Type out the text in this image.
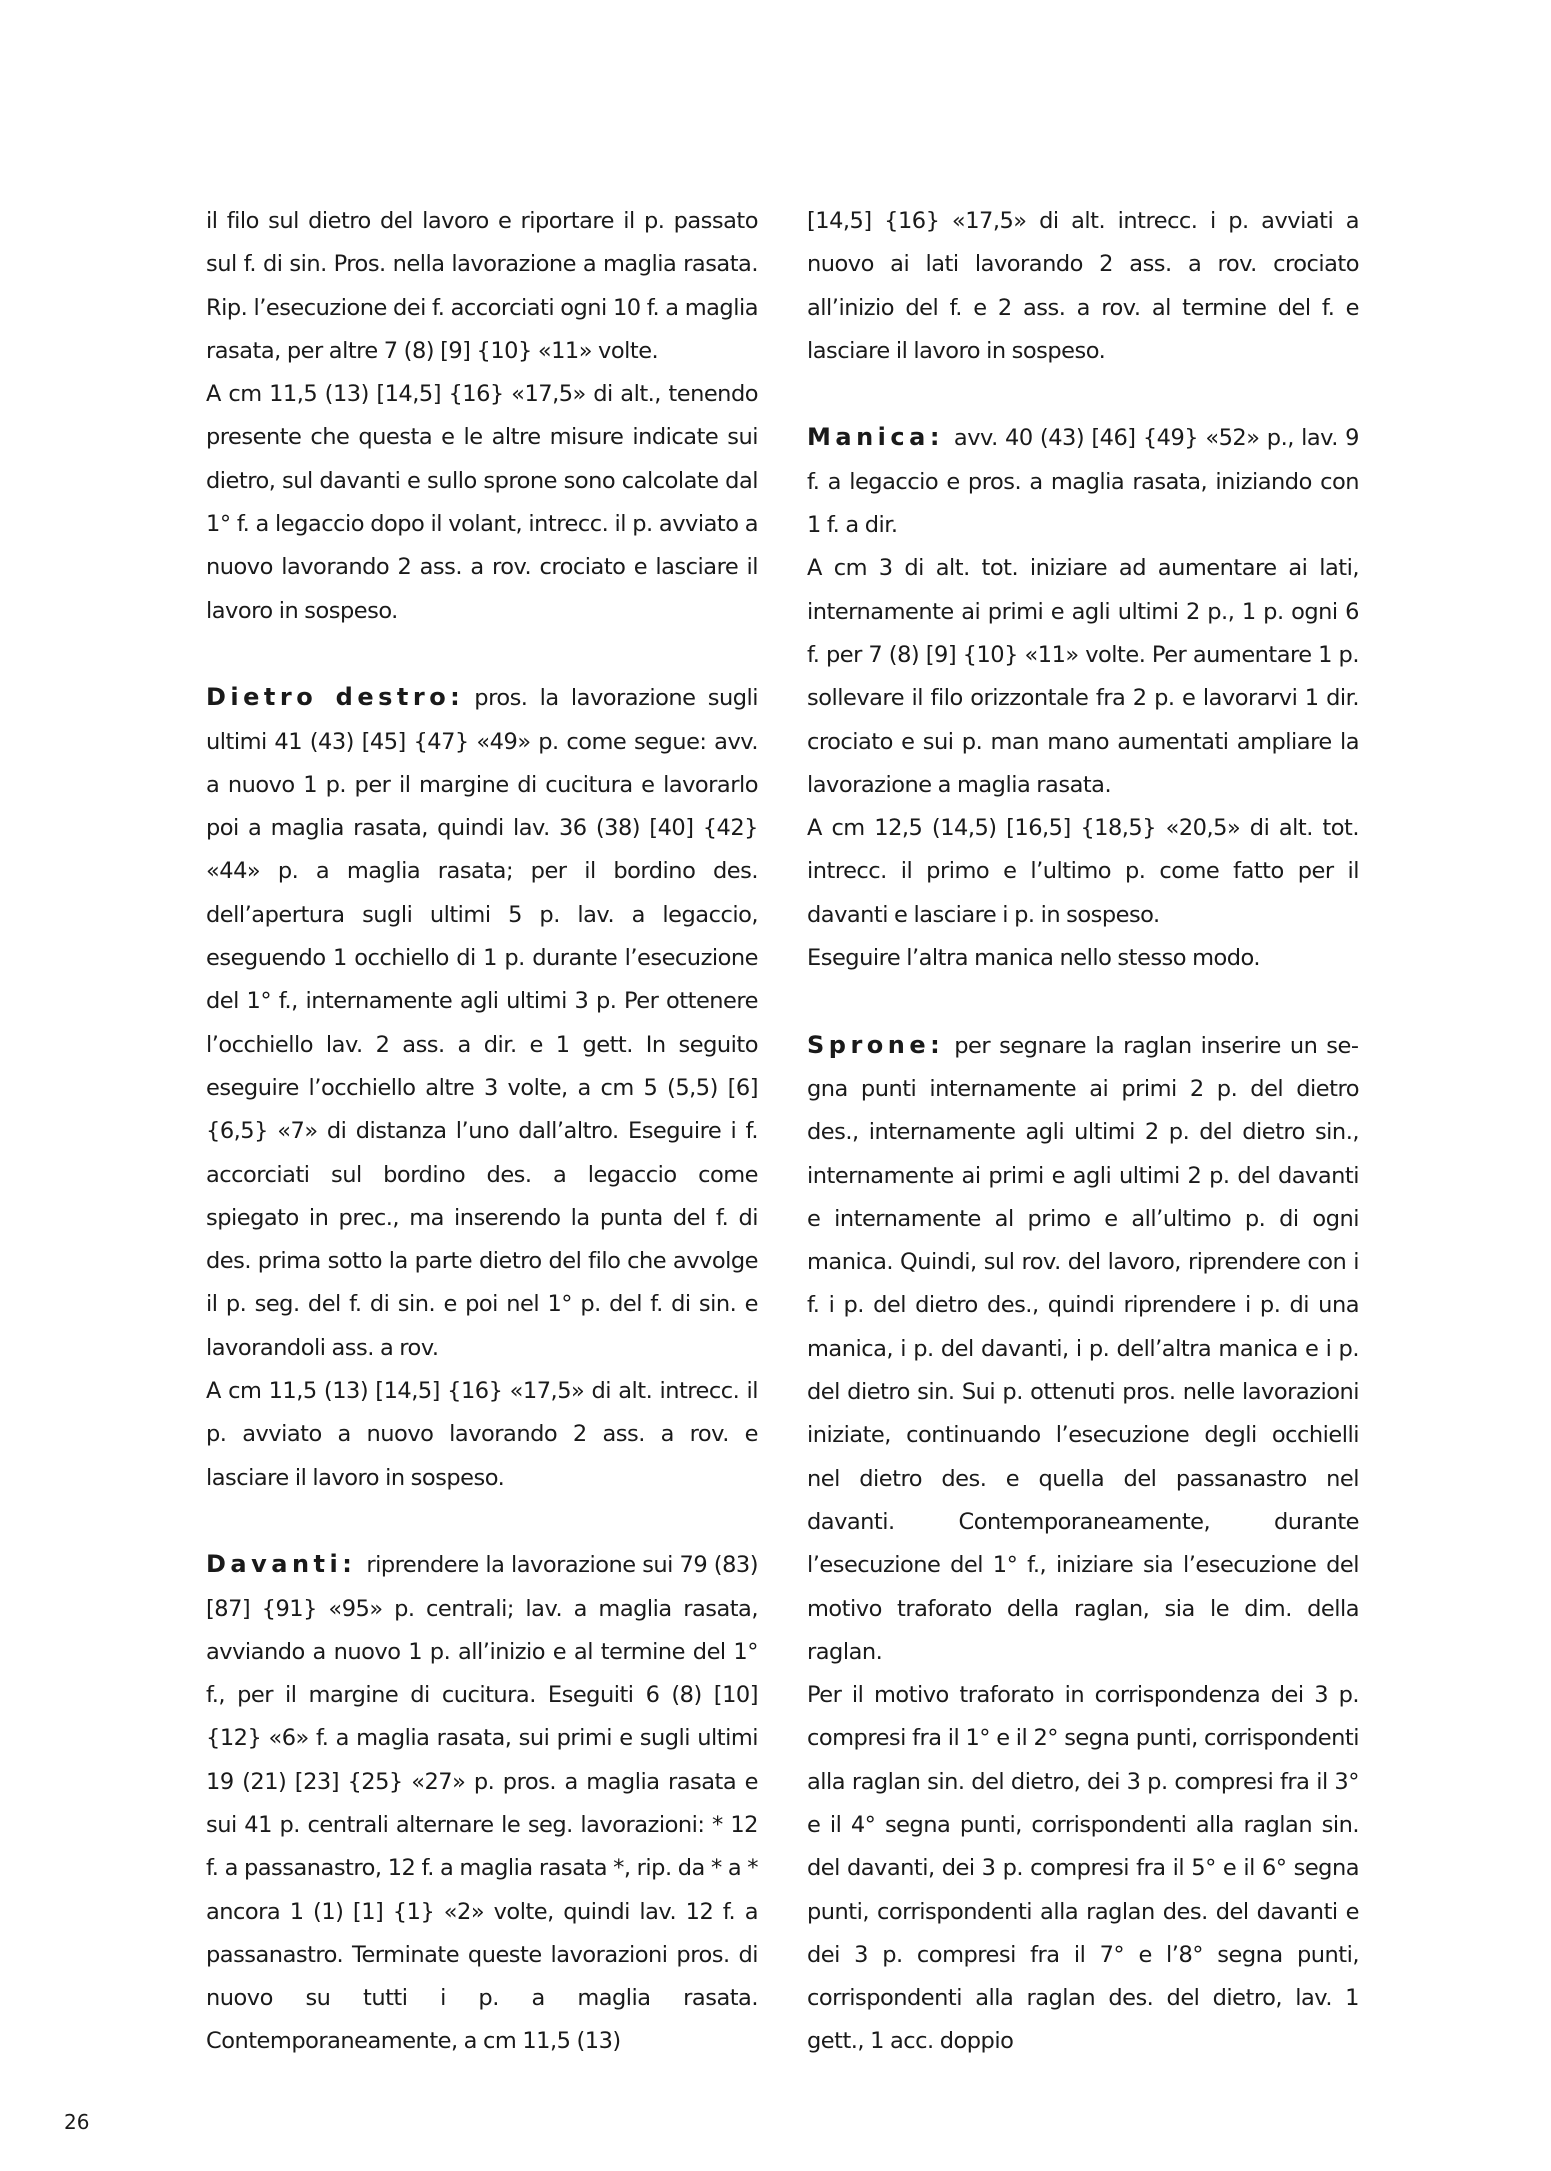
il filo sul dietro del lavoro e riportare il p. passato sul f. di sin. Pros. nella lavorazione a maglia rasata. Rip. l’esecuzione dei f. accorciati ogni 10 f. a maglia rasata, per altre 7 (8) [9] {10} «11» volte.

A cm 11,5 (13) [14,5] {16} «17,5» di alt., tenendo presente che questa e le altre misure indicate sui dietro, sul davanti e sullo sprone sono calcolate dal 1° f. a legaccio dopo il volant, intrecc. il p. avviato a nuovo lavorando 2 ass. a rov. crociato e lasciare il lavoro in sospeso.

Dietro destro: pros. la lavorazione sugli ultimi 41 (43) [45] {47} «49» p. come segue: avv. a nuovo 1 p. per il margine di cucitura e lavorarlo poi a maglia rasata, quindi lav. 36 (38) [40] {42} «44» p. a maglia rasata; per il bordino des. dell’apertura sugli ultimi 5 p. lav. a legaccio, eseguendo 1 occhiello di 1 p. durante l’esecuzione del 1° f., internamente agli ultimi 3 p. Per ottenere l’occhiello lav. 2 ass. a dir. e 1 gett. In seguito eseguire l’occhiello altre 3 volte, a cm 5 (5,5) [6] {6,5} «7» di distanza l’uno dall’altro. Eseguire i f. accorciati sul bordino des. a legaccio come spiegato in prec., ma inserendo la punta del f. di des. prima sotto la parte dietro del filo che avvolge il p. seg. del f. di sin. e poi nel 1° p. del f. di sin. e lavorandoli ass. a rov.

A cm 11,5 (13) [14,5] {16} «17,5» di alt. intrecc. il p. avviato a nuovo lavorando 2 ass. a rov. e lasciare il lavoro in sospeso.

Davanti: riprendere la lavorazione sui 79 (83) [87] {91} «95» p. centrali; lav. a maglia rasata, avviando a nuovo 1 p. all’inizio e al termine del 1° f., per il margine di cucitura. Eseguiti 6 (8) [10] {12} «6» f. a maglia rasata, sui primi e sugli ultimi 19 (21) [23] {25} «27» p. pros. a maglia rasata e sui 41 p. centrali alternare le seg. lavorazioni: * 12 f. a passanastro, 12 f. a maglia rasata *, rip. da * a * ancora 1 (1) [1] {1} «2» volte, quindi lav. 12 f. a passanastro. Terminate queste lavorazioni pros. di nuovo su tutti i p. a maglia rasata. Contemporaneamente, a cm 11,5 (13)

[14,5] {16} «17,5» di alt. intrecc. i p. avviati a nuovo ai lati lavorando 2 ass. a rov. crociato all’inizio del f. e 2 ass. a rov. al termine del f. e lasciare il lavoro in sospeso.

Manica: avv. 40 (43) [46] {49} «52» p., lav. 9 f. a legaccio e pros. a maglia rasata, iniziando con 1 f. a dir.

A cm 3 di alt. tot. iniziare ad aumentare ai lati, internamente ai primi e agli ultimi 2 p., 1 p. ogni 6 f. per 7 (8) [9] {10} «11» volte. Per aumentare 1 p. sollevare il filo orizzontale fra 2 p. e lavorarvi 1 dir. crociato e sui p. man mano aumentati ampliare la lavorazione a maglia rasata.

A cm 12,5 (14,5) [16,5] {18,5} «20,5» di alt. tot. intrecc. il primo e l’ultimo p. come fatto per il davanti e lasciare i p. in sospeso.

Eseguire l’altra manica nello stesso modo.

Sprone: per segnare la raglan inserire un segna punti internamente ai primi 2 p. del dietro des., internamente agli ultimi 2 p. del dietro sin., internamente ai primi e agli ultimi 2 p. del davanti e internamente al primo e all’ultimo p. di ogni manica. Quindi, sul rov. del lavoro, riprendere con i f. i p. del dietro des., quindi riprendere i p. di una manica, i p. del davanti, i p. dell’altra manica e i p. del dietro sin. Sui p. ottenuti pros. nelle lavorazioni iniziate, continuando l’esecuzione degli occhielli nel dietro des. e quella del passanastro nel davanti. Contemporaneamente, durante l’esecuzione del 1° f., iniziare sia l’esecuzione del motivo traforato della raglan, sia le dim. della raglan.

Per il motivo traforato in corrispondenza dei 3 p. compresi fra il 1° e il 2° segna punti, corrispondenti alla raglan sin. del dietro, dei 3 p. compresi fra il 3° e il 4° segna punti, corrispondenti alla raglan sin. del davanti, dei 3 p. compresi fra il 5° e il 6° segna punti, corrispondenti alla raglan des. del davanti e dei 3 p. compresi fra il 7° e l’8° segna punti, corrispondenti alla raglan des. del dietro, lav. 1 gett., 1 acc. doppio

26
